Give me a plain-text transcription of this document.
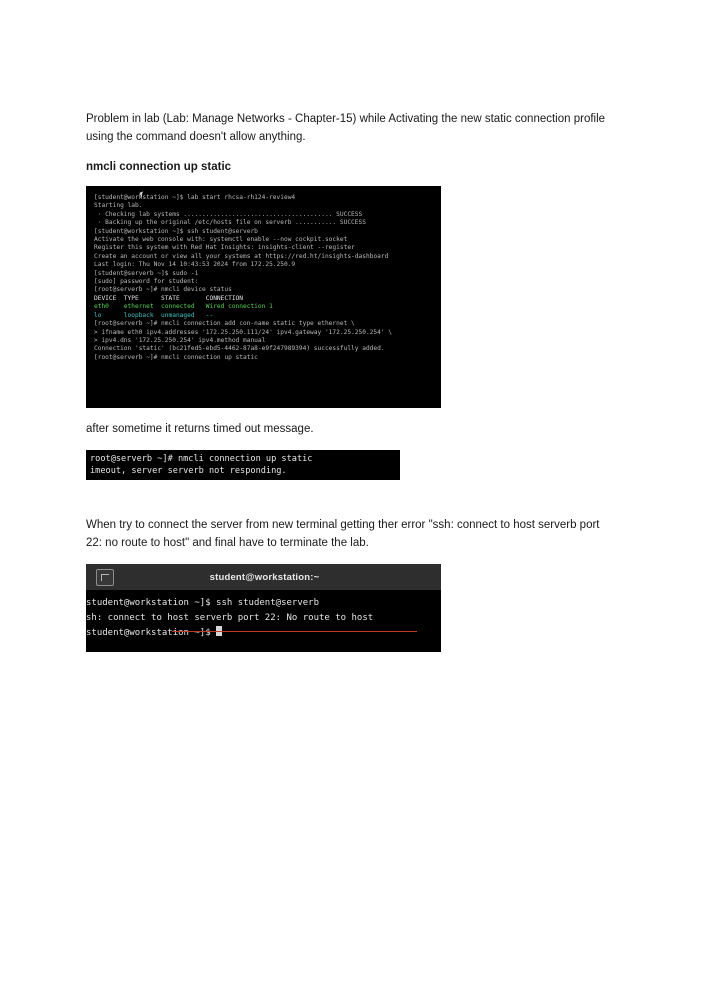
Problem in lab (Lab: Manage Networks - Chapter-15) while Activating the new static connection profile using the command doesn't allow anything.

nmcli connection up static

[student@workstation ~]$ lab start rhcsa-rh124-review4
Starting lab.
· Checking lab systems ........................................ SUCCESS
· Backing up the original /etc/hosts file on serverb ........... SUCCESS
[student@workstation ~]$ ssh student@serverb
Activate the web console with: systemctl enable --now cockpit.socket
Register this system with Red Hat Insights: insights-client --register
Create an account or view all your systems at https://red.ht/insights-dashboard
Last login: Thu Nov 14 10:43:53 2024 from 172.25.250.9
[student@serverb ~]$ sudo -i
[sudo] password for student:
[root@serverb ~]# nmcli device status
DEVICE  TYPE      STATE       CONNECTION
eth0    ethernet  connected   Wired connection 1
lo      loopback  unmanaged   --
[root@serverb ~]# nmcli connection add con-name static type ethernet \
> ifname eth0 ipv4.addresses '172.25.250.111/24' ipv4.gateway '172.25.250.254' \
> ipv4.dns '172.25.250.254' ipv4.method manual
Connection 'static' (bc21fed5-ebd5-4462-87a8-e9f247989394) successfully added.
[root@serverb ~]# nmcli connection up static

after sometime it returns timed out message.

root@serverb ~]# nmcli connection up static
imeout, server serverb not responding.

When try to connect the server from new terminal getting ther error "ssh: connect to host serverb port 22: no route to host" and final have to terminate the lab.

student@workstation:~
student@workstation ~]$ ssh student@serverb
sh: connect to host serverb port 22: No route to host
student@workstation ~]$
